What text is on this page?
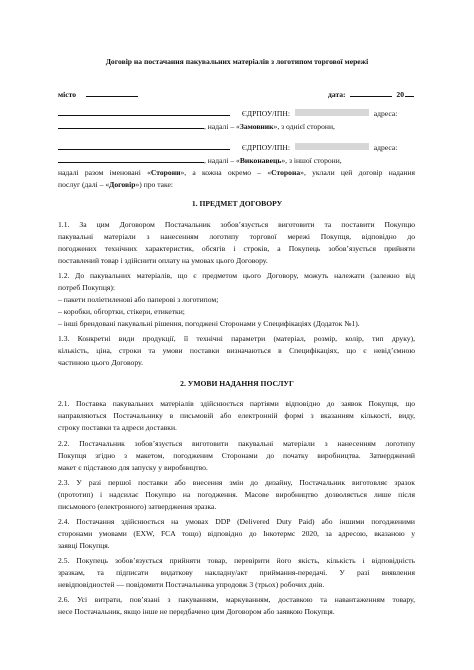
Договір на постачання пакувальних матеріалів з логотипом торгової мережі
місто	дата:	20
ЄДРПОУ/ІПН:	адреса:
, надалі – «Замовник», з однієї сторони,
ЄДРПОУ/ІПН:	адреса:
, надалі – «Виконавець», з іншої сторони,
надалі разом іменовані «Сторони», а кожна окремо – «Сторона», уклали цей договір надання
послуг (далі – «Договір») про таке:
1. ПРЕДМЕТ ДОГОВОРУ
1.1. За цим Договором Постачальник зобов’язується виготовити та поставити Покупцю
пакувальні матеріали з нанесенням логотипу торгової мережі Покупця, відповідно до
погоджених технічних характеристик, обсягів і строків, а Покупець зобов’язується прийняти
поставлений товар і здійснити оплату на умовах цього Договору.
1.2. До пакувальних матеріалів, що є предметом цього Договору, можуть належати (залежно від
потреб Покупця):
– пакети поліетиленові або паперові з логотипом;
– коробки, обгортки, стікери, етикетки;
– інші брендовані пакувальні рішення, погоджені Сторонами у Специфікаціях (Додаток №1).
1.3. Конкретні види продукції, її технічні параметри (матеріал, розмір, колір, тип друку),
кількість, ціна, строки та умови поставки визначаються в Специфікаціях, що є невід’ємною
частиною цього Договору.
2. УМОВИ НАДАННЯ ПОСЛУГ
2.1. Поставка пакувальних матеріалів здійснюється партіями відповідно до заявок Покупця, що
направляються Постачальнику в письмовій або електронній формі з вказанням кількості, виду,
строку поставки та адреси доставки.
2.2. Постачальник зобов’язується виготовити пакувальні матеріали з нанесенням логотипу
Покупця згідно з макетом, погодженим Сторонами до початку виробництва. Затверджений
макет є підставою для запуску у виробництво.
2.3. У разі першої поставки або внесення змін до дизайну, Постачальник виготовляє зразок
(прототип) і надсилає Покупцю на погодження. Масове виробництво дозволяється лише після
письмового (електронного) затвердження зразка.
2.4. Постачання здійснюється на умовах DDP (Delivered Duty Paid) або іншими погодженими
сторонами умовами (EXW, FCA тощо) відповідно до Інкотермс 2020, за адресою, вказаною у
заявці Покупця.
2.5. Покупець зобов’язується прийняти товар, перевірити його якість, кількість і відповідність
зразкам, та підписати видаткову накладну/акт приймання-передачі. У разі виявлення
невідповідностей — повідомити Постачальника упродовж 3 (трьох) робочих днів.
2.6. Усі витрати, пов’язані з пакуванням, маркуванням, доставкою та навантаженням товару,
несе Постачальник, якщо інше не передбачено цим Договором або заявкою Покупця.
